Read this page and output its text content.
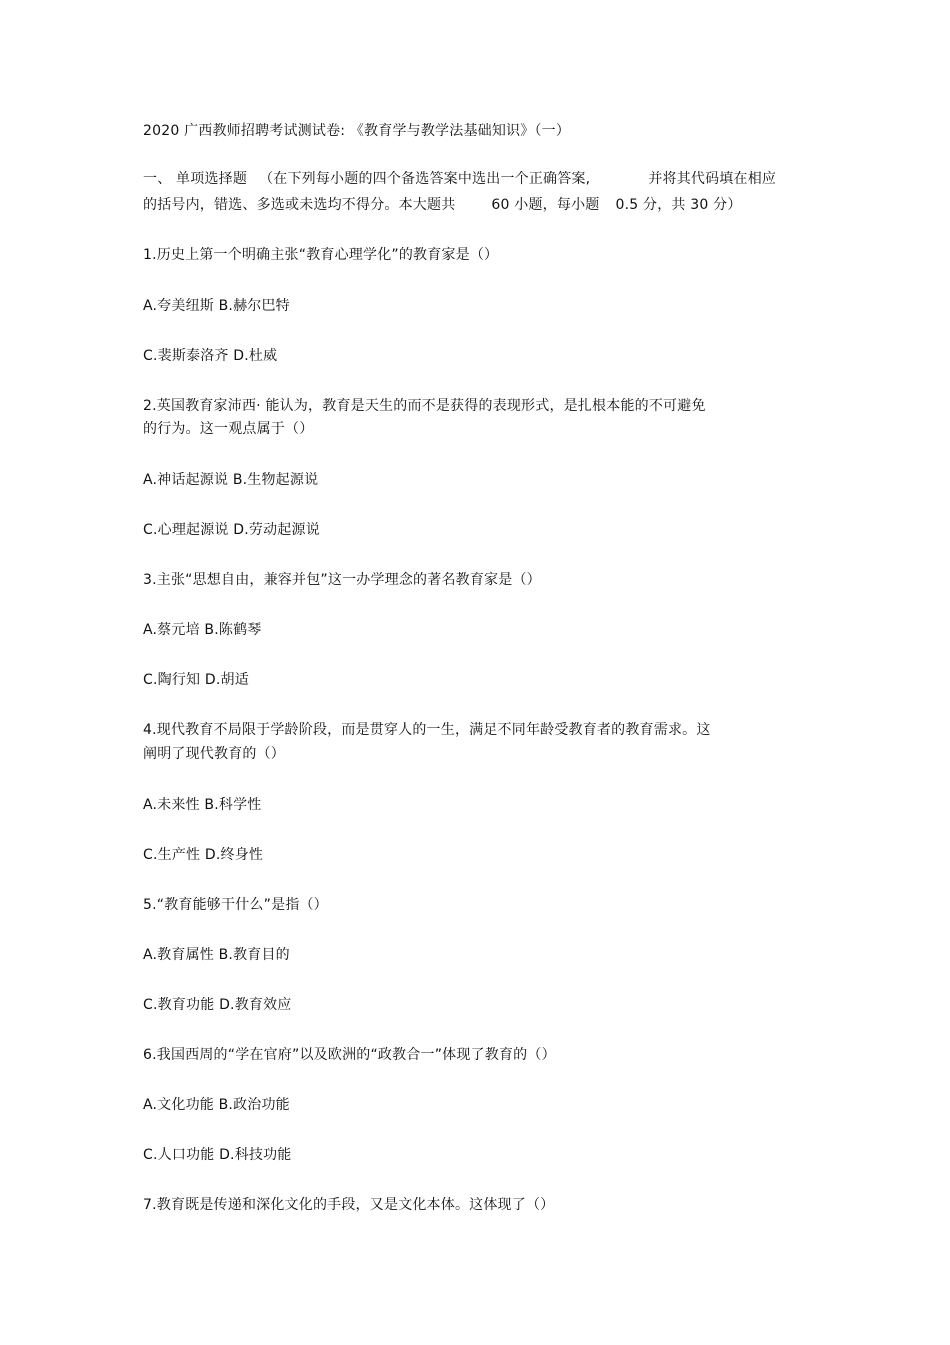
2020 广西教师招聘考试测试卷: 《教育学与教学法基础知识》（一）
一、 单项选择题 （在下列每小题的四个备选答案中选出一个正确答案,	并将其代码填在相应
的括号内，错选、多选或未选均不得分。本大题共	60 小题，每小题 0.5 分，共 30 分）
1.历史上第一个明确主张“教育心理学化”的教育家是（）
A.夸美纽斯 B.赫尔巴特
C.裴斯泰洛齐 D.杜威
2.英国教育家沛西· 能认为，教育是天生的而不是获得的表现形式，是扎根本能的不可避免
的行为。这一观点属于（）
A.神话起源说 B.生物起源说
C.心理起源说 D.劳动起源说
3.主张“思想自由，兼容并包”这一办学理念的著名教育家是（）
A.蔡元培 B.陈鹤琴
C.陶行知 D.胡适
4.现代教育不局限于学龄阶段，而是贯穿人的一生，满足不同年龄受教育者的教育需求。这
阐明了现代教育的（）
A.未来性 B.科学性
C.生产性 D.终身性
5.“教育能够干什么”是指（）
A.教育属性 B.教育目的
C.教育功能 D.教育效应
6.我国西周的“学在官府”以及欧洲的“政教合一”体现了教育的（）
A.文化功能 B.政治功能
C.人口功能 D.科技功能
7.教育既是传递和深化文化的手段，又是文化本体。这体现了（）
